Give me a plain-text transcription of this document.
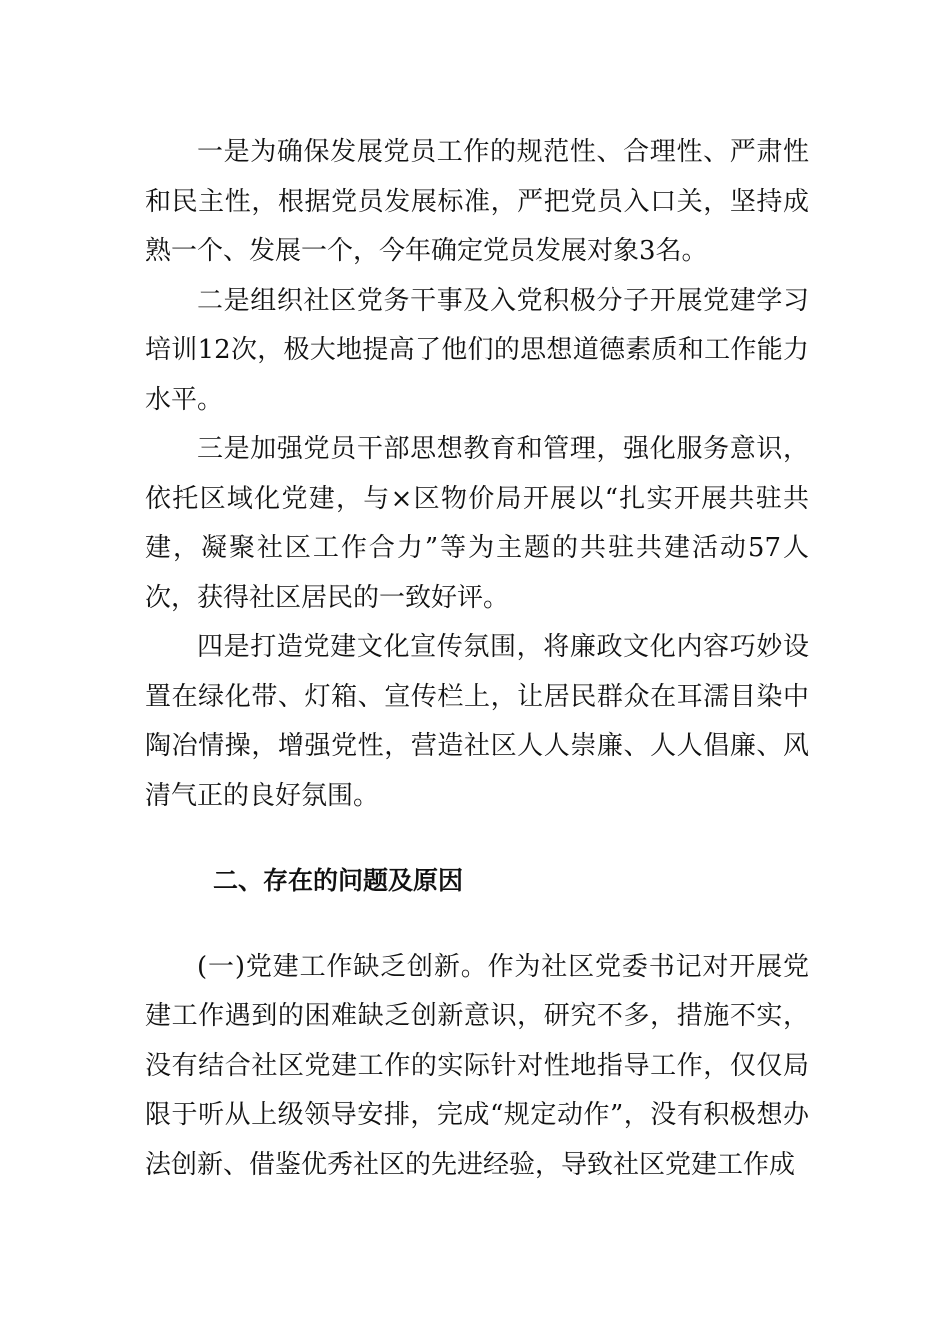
一是为确保发展党员工作的规范性、合理性、严肃性和民主性，根据党员发展标准，严把党员入口关，坚持成熟一个、发展一个，今年确定党员发展对象3名。

二是组织社区党务干事及入党积极分子开展党建学习培训12次，极大地提高了他们的思想道德素质和工作能力水平。

三是加强党员干部思想教育和管理，强化服务意识，依托区域化党建，与×区物价局开展以“扎实开展共驻共建，凝聚社区工作合力”等为主题的共驻共建活动57人次，获得社区居民的一致好评。

四是打造党建文化宣传氛围，将廉政文化内容巧妙设置在绿化带、灯箱、宣传栏上，让居民群众在耳濡目染中陶冶情操，增强党性，营造社区人人崇廉、人人倡廉、风清气正的良好氛围。

二、存在的问题及原因

(一)党建工作缺乏创新。作为社区党委书记对开展党建工作遇到的困难缺乏创新意识，研究不多，措施不实，没有结合社区党建工作的实际针对性地指导工作，仅仅局限于听从上级领导安排，完成“规定动作”，没有积极想办法创新、借鉴优秀社区的先进经验，导致社区党建工作成
